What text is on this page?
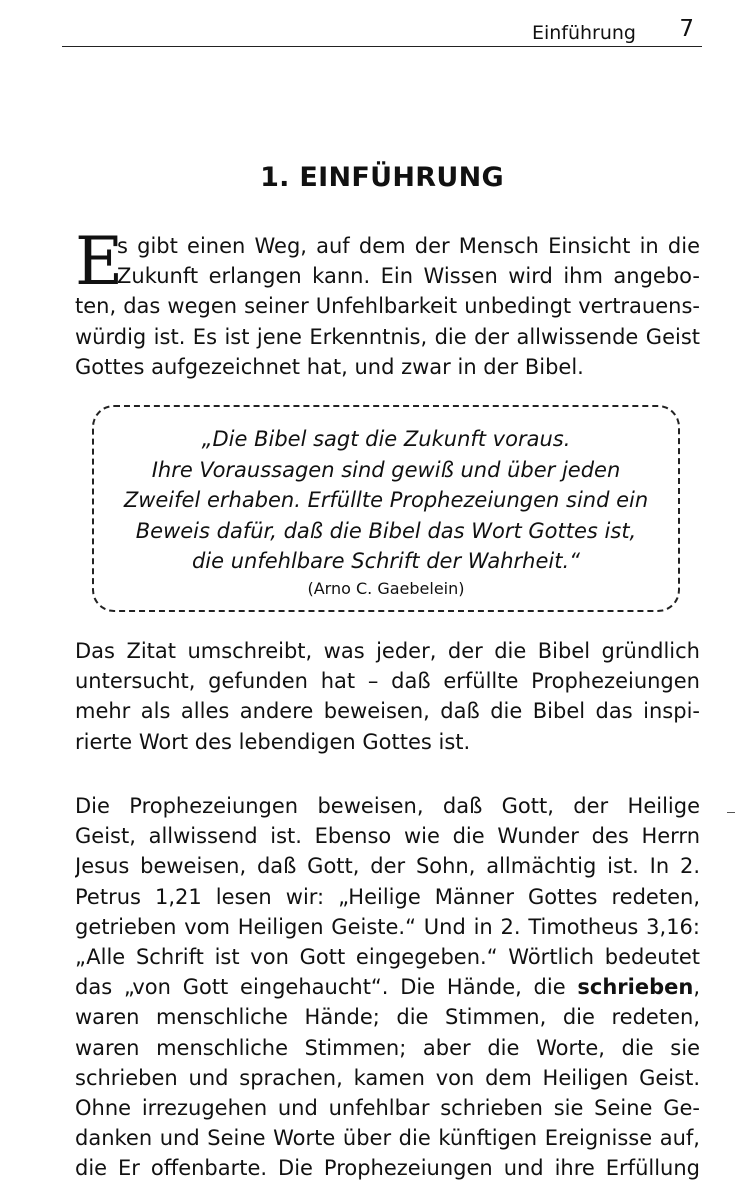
Einführung 7
1. EINFÜHRUNG
E
s gibt einen Weg, auf dem der Mensch Einsicht in die
Zukunft erlangen kann. Ein Wissen wird ihm angebo-
ten, das wegen seiner Unfehlbarkeit unbedingt vertrauens-
würdig ist. Es ist jene Erkenntnis, die der allwissende Geist
Gottes aufgezeichnet hat, und zwar in der Bibel.
„Die Bibel sagt die Zukunft voraus.
Ihre Voraussagen sind gewiß und über jeden
Zweifel erhaben. Erfüllte Prophezeiungen sind ein
Beweis dafür, daß die Bibel das Wort Gottes ist,
die unfehlbare Schrift der Wahrheit.“
(Arno C. Gaebelein)
Das Zitat umschreibt, was jeder, der die Bibel gründlich
untersucht, gefunden hat – daß erfüllte Prophezeiungen
mehr als alles andere beweisen, daß die Bibel das inspi-
rierte Wort des lebendigen Gottes ist.
Die Prophezeiungen beweisen, daß Gott, der Heilige
Geist, allwissend ist. Ebenso wie die Wunder des Herrn
Jesus beweisen, daß Gott, der Sohn, allmächtig ist. In 2.
Petrus 1,21 lesen wir: „Heilige Männer Gottes redeten,
getrieben vom Heiligen Geiste.“ Und in 2. Timotheus 3,16:
„Alle Schrift ist von Gott eingegeben.“ Wörtlich bedeutet
das „von Gott eingehaucht“. Die Hände, die schrieben,
waren menschliche Hände; die Stimmen, die redeten,
waren menschliche Stimmen; aber die Worte, die sie
schrieben und sprachen, kamen von dem Heiligen Geist.
Ohne irrezugehen und unfehlbar schrieben sie Seine Ge-
danken und Seine Worte über die künftigen Ereignisse auf,
die Er offenbarte. Die Prophezeiungen und ihre Erfüllung
